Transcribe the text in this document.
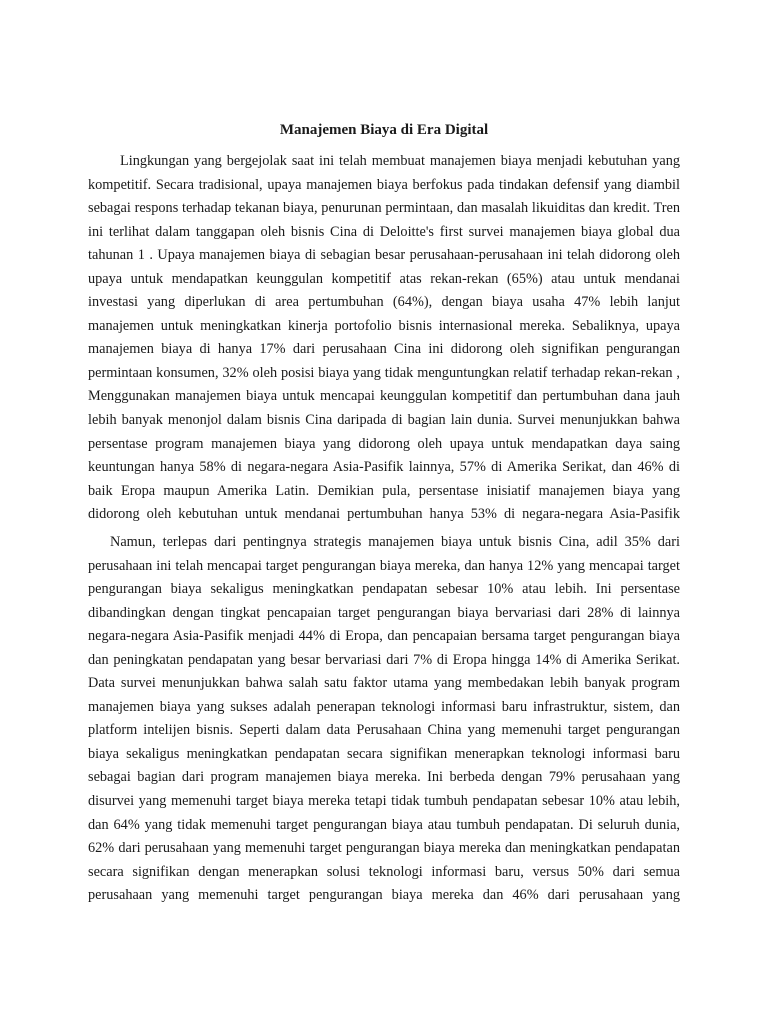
Manajemen Biaya di Era Digital

Lingkungan yang bergejolak saat ini telah membuat manajemen biaya menjadi kebutuhan yang kompetitif. Secara tradisional, upaya manajemen biaya berfokus pada tindakan defensif yang diambil sebagai respons terhadap tekanan biaya, penurunan permintaan, dan masalah likuiditas dan kredit. Tren ini terlihat dalam tanggapan oleh bisnis Cina di Deloitte's first survei manajemen biaya global dua tahunan 1 . Upaya manajemen biaya di sebagian besar perusahaan-perusahaan ini telah didorong oleh upaya untuk mendapatkan keunggulan kompetitif atas rekan-rekan (65%) atau untuk mendanai investasi yang diperlukan di area pertumbuhan (64%), dengan biaya usaha 47% lebih lanjut manajemen untuk meningkatkan kinerja portofolio bisnis internasional mereka. Sebaliknya, upaya manajemen biaya di hanya 17% dari perusahaan Cina ini didorong oleh signifikan pengurangan permintaan konsumen, 32% oleh posisi biaya yang tidak menguntungkan relatif terhadap rekan-rekan , Menggunakan manajemen biaya untuk mencapai keunggulan kompetitif dan pertumbuhan dana jauh lebih banyak menonjol dalam bisnis Cina daripada di bagian lain dunia. Survei menunjukkan bahwa persentase program manajemen biaya yang didorong oleh upaya untuk mendapatkan daya saing keuntungan hanya 58% di negara-negara Asia-Pasifik lainnya, 57% di Amerika Serikat, dan 46% di baik Eropa maupun Amerika Latin. Demikian pula, persentase inisiatif manajemen biaya yang didorong oleh kebutuhan untuk mendanai pertumbuhan hanya 53% di negara-negara Asia-Pasifik

Namun, terlepas dari pentingnya strategis manajemen biaya untuk bisnis Cina, adil 35% dari perusahaan ini telah mencapai target pengurangan biaya mereka, dan hanya 12% yang mencapai target pengurangan biaya sekaligus meningkatkan pendapatan sebesar 10% atau lebih. Ini persentase dibandingkan dengan tingkat pencapaian target pengurangan biaya bervariasi dari 28% di lainnya negara-negara Asia-Pasifik menjadi 44% di Eropa, dan pencapaian bersama target pengurangan biaya dan peningkatan pendapatan yang besar bervariasi dari 7% di Eropa hingga 14% di Amerika Serikat. Data survei menunjukkan bahwa salah satu faktor utama yang membedakan lebih banyak program manajemen biaya yang sukses adalah penerapan teknologi informasi baru infrastruktur, sistem, dan platform intelijen bisnis. Seperti dalam data Perusahaan China yang memenuhi target pengurangan biaya sekaligus meningkatkan pendapatan secara signifikan menerapkan teknologi informasi baru sebagai bagian dari program manajemen biaya mereka. Ini berbeda dengan 79% perusahaan yang disurvei yang memenuhi target biaya mereka tetapi tidak tumbuh pendapatan sebesar 10% atau lebih, dan 64% yang tidak memenuhi target pengurangan biaya atau tumbuh pendapatan. Di seluruh dunia, 62% dari perusahaan yang memenuhi target pengurangan biaya mereka dan meningkatkan pendapatan secara signifikan dengan menerapkan solusi teknologi informasi baru, versus 50% dari semua perusahaan yang memenuhi target pengurangan biaya mereka dan 46% dari perusahaan yang
